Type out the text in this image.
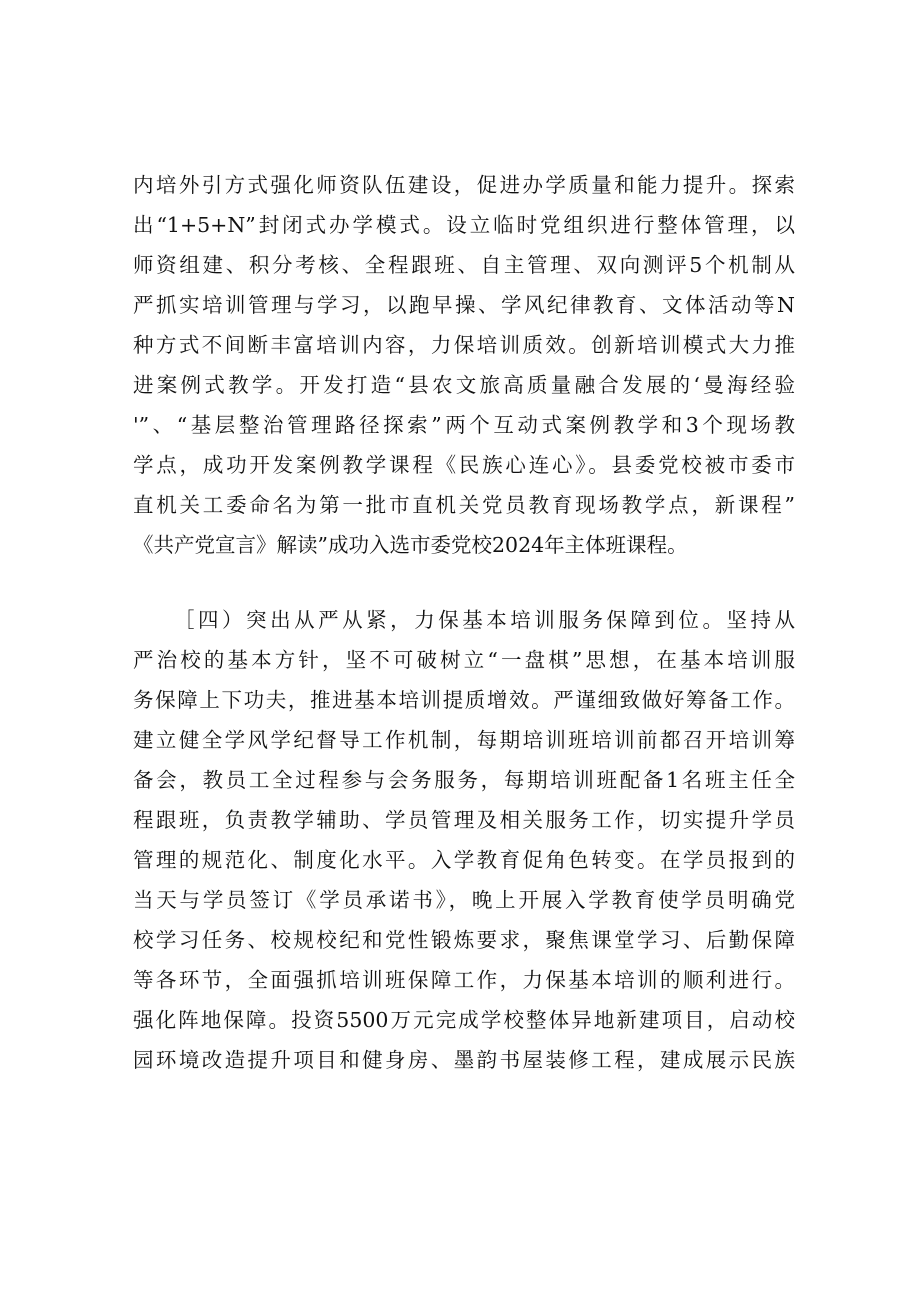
内培外引方式强化师资队伍建设，促进办学质量和能力提升。探索
出“1+5+N”封闭式办学模式。设立临时党组织进行整体管理，以
师资组建、积分考核、全程跟班、自主管理、双向测评5个机制从
严抓实培训管理与学习，以跑早操、学风纪律教育、文体活动等N
种方式不间断丰富培训内容，力保培训质效。创新培训模式大力推
进案例式教学。开发打造“县农文旅高质量融合发展的‘曼海经验
'”、“基层整治管理路径探索”两个互动式案例教学和3个现场教
学点，成功开发案例教学课程《民族心连心》。县委党校被市委市
直机关工委命名为第一批市直机关党员教育现场教学点，新课程”
《共产党宣言》解读”成功入选市委党校2024年主体班课程。
［四）突出从严从紧，力保基本培训服务保障到位。坚持从
严治校的基本方针，坚不可破树立“一盘棋”思想，在基本培训服
务保障上下功夫，推进基本培训提质增效。严谨细致做好筹备工作。
建立健全学风学纪督导工作机制，每期培训班培训前都召开培训筹
备会，教员工全过程参与会务服务，每期培训班配备1名班主任全
程跟班，负责教学辅助、学员管理及相关服务工作，切实提升学员
管理的规范化、制度化水平。入学教育促角色转变。在学员报到的
当天与学员签订《学员承诺书》，晚上开展入学教育使学员明确党
校学习任务、校规校纪和党性锻炼要求，聚焦课堂学习、后勤保障
等各环节，全面强抓培训班保障工作，力保基本培训的顺利进行。
强化阵地保障。投资5500万元完成学校整体异地新建项目，启动校
园环境改造提升项目和健身房、墨韵书屋装修工程，建成展示民族
